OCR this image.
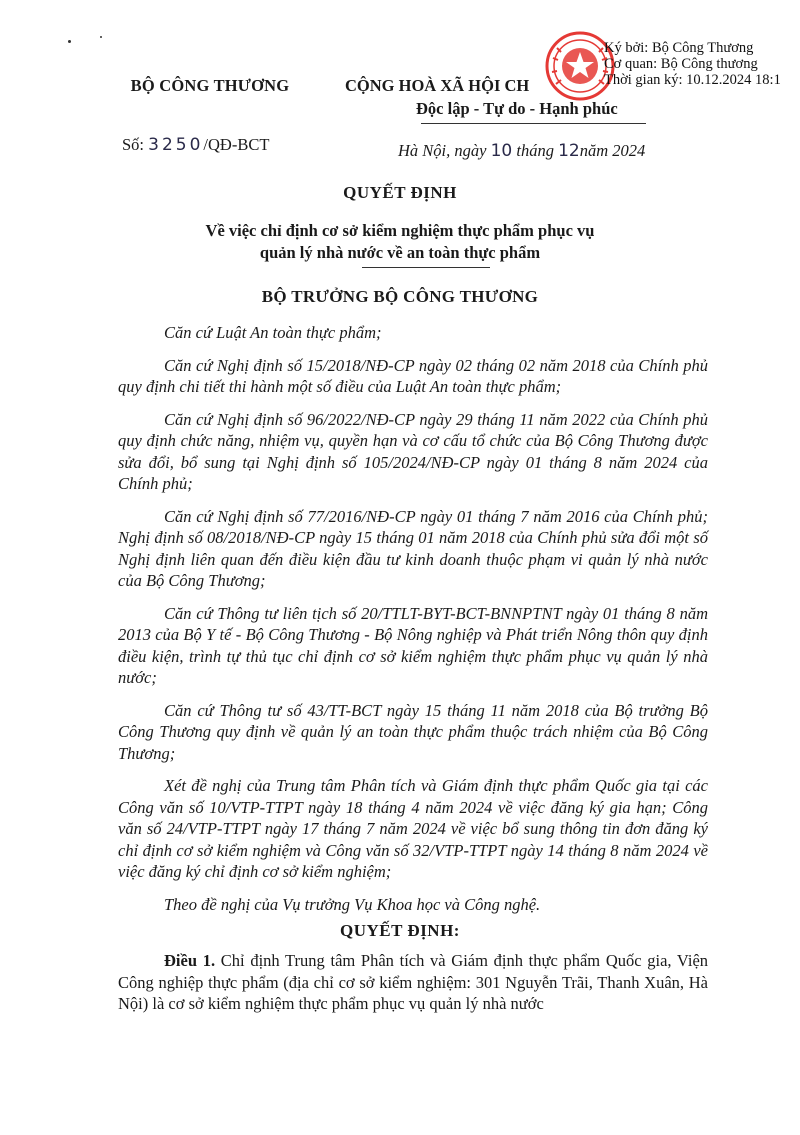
BỘ CÔNG THƯƠNG
Số: 3250/QĐ-BCT
CỘNG HOÀ XÃ HỘI CH
Độc lập - Tự do - Hạnh phúc
Hà Nội, ngày 10 tháng 12năm 2024
Ký bởi: Bộ Công Thương
Cơ quan: Bộ Công thương
Thời gian ký: 10.12.2024 18:1
QUYẾT ĐỊNH
Về việc chỉ định cơ sở kiểm nghiệm thực phẩm phục vụ
quản lý nhà nước về an toàn thực phẩm
BỘ TRƯỞNG BỘ CÔNG THƯƠNG

Căn cứ Luật An toàn thực phẩm;

Căn cứ Nghị định số 15/2018/NĐ-CP ngày 02 tháng 02 năm 2018 của Chính phủ quy định chi tiết thi hành một số điều của Luật An toàn thực phẩm;

Căn cứ Nghị định số 96/2022/NĐ-CP ngày 29 tháng 11 năm 2022 của Chính phủ quy định chức năng, nhiệm vụ, quyền hạn và cơ cấu tổ chức của Bộ Công Thương được sửa đổi, bổ sung tại Nghị định số 105/2024/NĐ-CP ngày 01 tháng 8 năm 2024 của Chính phủ;

Căn cứ Nghị định số 77/2016/NĐ-CP ngày 01 tháng 7 năm 2016 của Chính phủ; Nghị định số 08/2018/NĐ-CP ngày 15 tháng 01 năm 2018 của Chính phủ sửa đổi một số Nghị định liên quan đến điều kiện đầu tư kinh doanh thuộc phạm vi quản lý nhà nước của Bộ Công Thương;

Căn cứ Thông tư liên tịch số 20/TTLT-BYT-BCT-BNNPTNT ngày 01 tháng 8 năm 2013 của Bộ Y tế - Bộ Công Thương - Bộ Nông nghiệp và Phát triển Nông thôn quy định điều kiện, trình tự thủ tục chỉ định cơ sở kiểm nghiệm thực phẩm phục vụ quản lý nhà nước;

Căn cứ Thông tư số 43/TT-BCT ngày 15 tháng 11 năm 2018 của Bộ trưởng Bộ Công Thương quy định về quản lý an toàn thực phẩm thuộc trách nhiệm của Bộ Công Thương;

Xét đề nghị của Trung tâm Phân tích và Giám định thực phẩm Quốc gia tại các Công văn số 10/VTP-TTPT ngày 18 tháng 4 năm 2024 về việc đăng ký gia hạn; Công văn số 24/VTP-TTPT ngày 17 tháng 7 năm 2024 về việc bổ sung thông tin đơn đăng ký chỉ định cơ sở kiểm nghiệm và Công văn số 32/VTP-TTPT ngày 14 tháng 8 năm 2024 về việc đăng ký chỉ định cơ sở kiểm nghiệm;

Theo đề nghị của Vụ trưởng Vụ Khoa học và Công nghệ.

QUYẾT ĐỊNH:

Điều 1. Chỉ định Trung tâm Phân tích và Giám định thực phẩm Quốc gia, Viện Công nghiệp thực phẩm (địa chỉ cơ sở kiểm nghiệm: 301 Nguyễn Trãi, Thanh Xuân, Hà Nội) là cơ sở kiểm nghiệm thực phẩm phục vụ quản lý nhà nước
